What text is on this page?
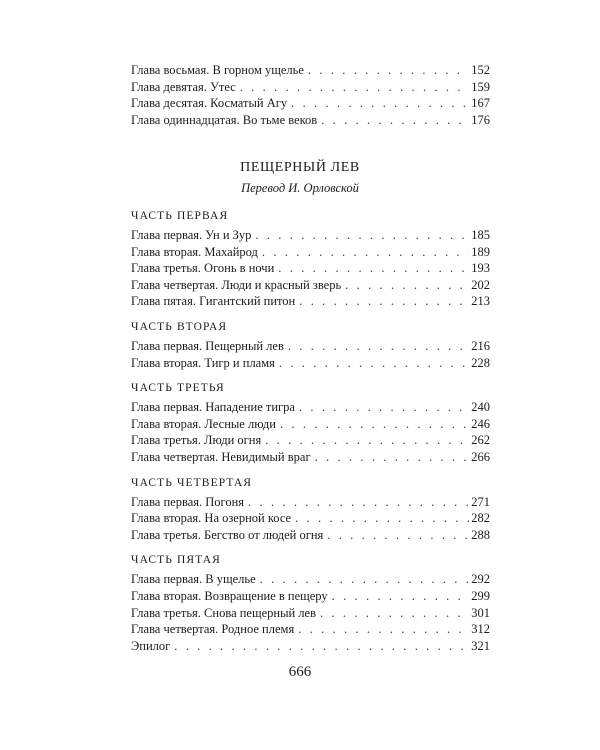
Глава восьмая. В горном ущелье . . .	152
Глава девятая. Утес . . .	159
Глава десятая. Косматый Агу . . .	167
Глава одиннадцатая. Во тьме веков . . .	176
ПЕЩЕРНЫЙ ЛЕВ
Перевод И. Орловской
ЧАСТЬ ПЕРВАЯ
Глава первая. Ун и Зур . . .	185
Глава вторая. Махайрод . . .	189
Глава третья. Огонь в ночи . . .	193
Глава четвертая. Люди и красный зверь . . .	202
Глава пятая. Гигантский питон . . .	213
ЧАСТЬ ВТОРАЯ
Глава первая. Пещерный лев . . .	216
Глава вторая. Тигр и пламя . . .	228
ЧАСТЬ ТРЕТЬЯ
Глава первая. Нападение тигра . . .	240
Глава вторая. Лесные люди . . .	246
Глава третья. Люди огня . . .	262
Глава четвертая. Невидимый враг . . .	266
ЧАСТЬ ЧЕТВЕРТАЯ
Глава первая. Погоня . . .	271
Глава вторая. На озерной косе . . .	282
Глава третья. Бегство от людей огня . . .	288
ЧАСТЬ ПЯТАЯ
Глава первая. В ущелье . . .	292
Глава вторая. Возвращение в пещеру . . .	299
Глава третья. Снова пещерный лев . . .	301
Глава четвертая. Родное племя . . .	312
Эпилог . . .	321
666
